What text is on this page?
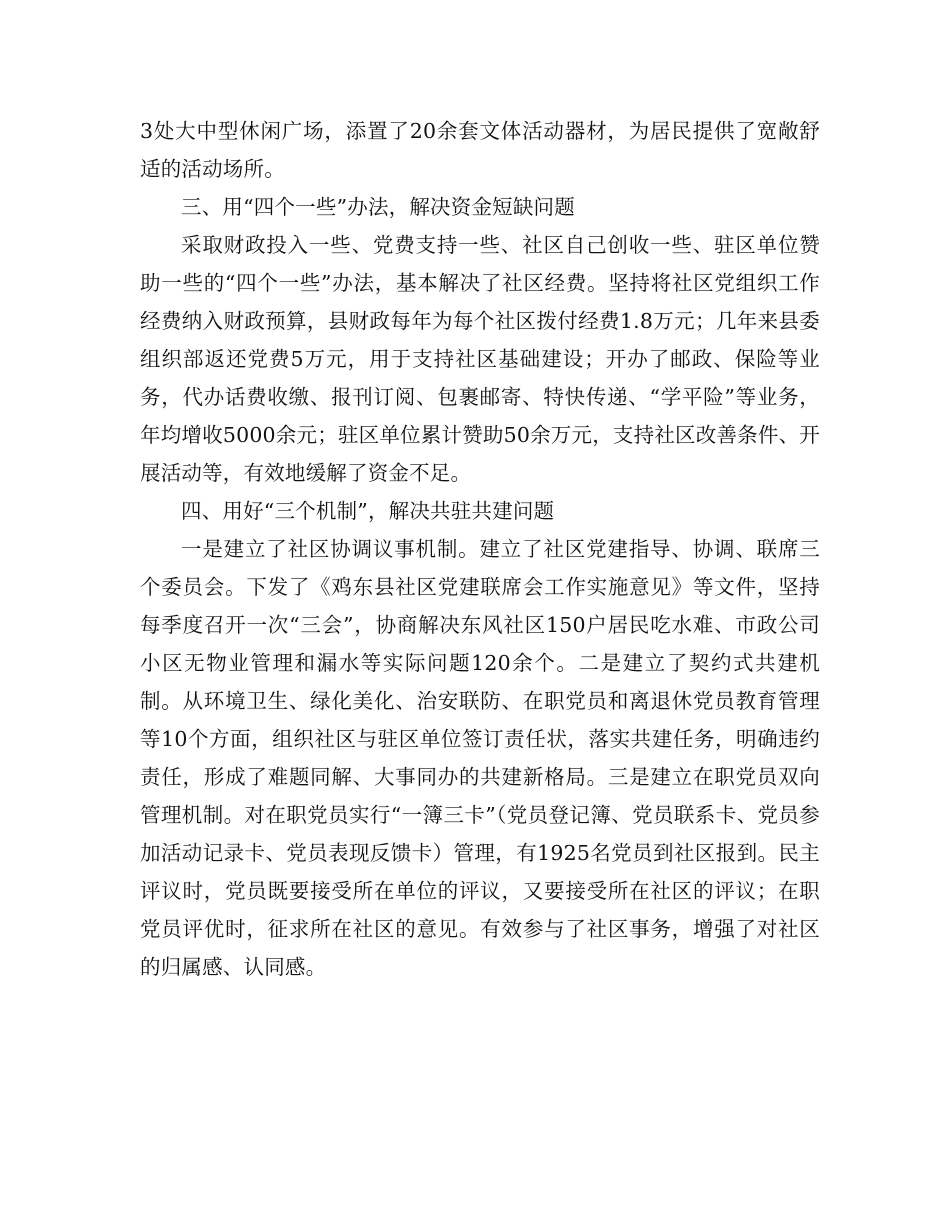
3处大中型休闲广场，添置了20余套文体活动器材，为居民提供了宽敞舒适的活动场所。

三、用“四个一些”办法，解决资金短缺问题

采取财政投入一些、党费支持一些、社区自己创收一些、驻区单位赞助一些的“四个一些”办法，基本解决了社区经费。坚持将社区党组织工作经费纳入财政预算，县财政每年为每个社区拨付经费1.8万元；几年来县委组织部返还党费5万元，用于支持社区基础建设；开办了邮政、保险等业务，代办话费收缴、报刊订阅、包裹邮寄、特快传递、“学平险”等业务，年均增收5000余元；驻区单位累计赞助50余万元，支持社区改善条件、开展活动等，有效地缓解了资金不足。

四、用好“三个机制”，解决共驻共建问题

一是建立了社区协调议事机制。建立了社区党建指导、协调、联席三个委员会。下发了《鸡东县社区党建联席会工作实施意见》等文件，坚持每季度召开一次“三会”，协商解决东风社区150户居民吃水难、市政公司小区无物业管理和漏水等实际问题120余个。二是建立了契约式共建机制。从环境卫生、绿化美化、治安联防、在职党员和离退休党员教育管理等10个方面，组织社区与驻区单位签订责任状，落实共建任务，明确违约责任，形成了难题同解、大事同办的共建新格局。三是建立在职党员双向管理机制。对在职党员实行“一簿三卡”（党员登记簿、党员联系卡、党员参加活动记录卡、党员表现反馈卡）管理，有1925名党员到社区报到。民主评议时，党员既要接受所在单位的评议，又要接受所在社区的评议；在职党员评优时，征求所在社区的意见。有效参与了社区事务，增强了对社区的归属感、认同感。
